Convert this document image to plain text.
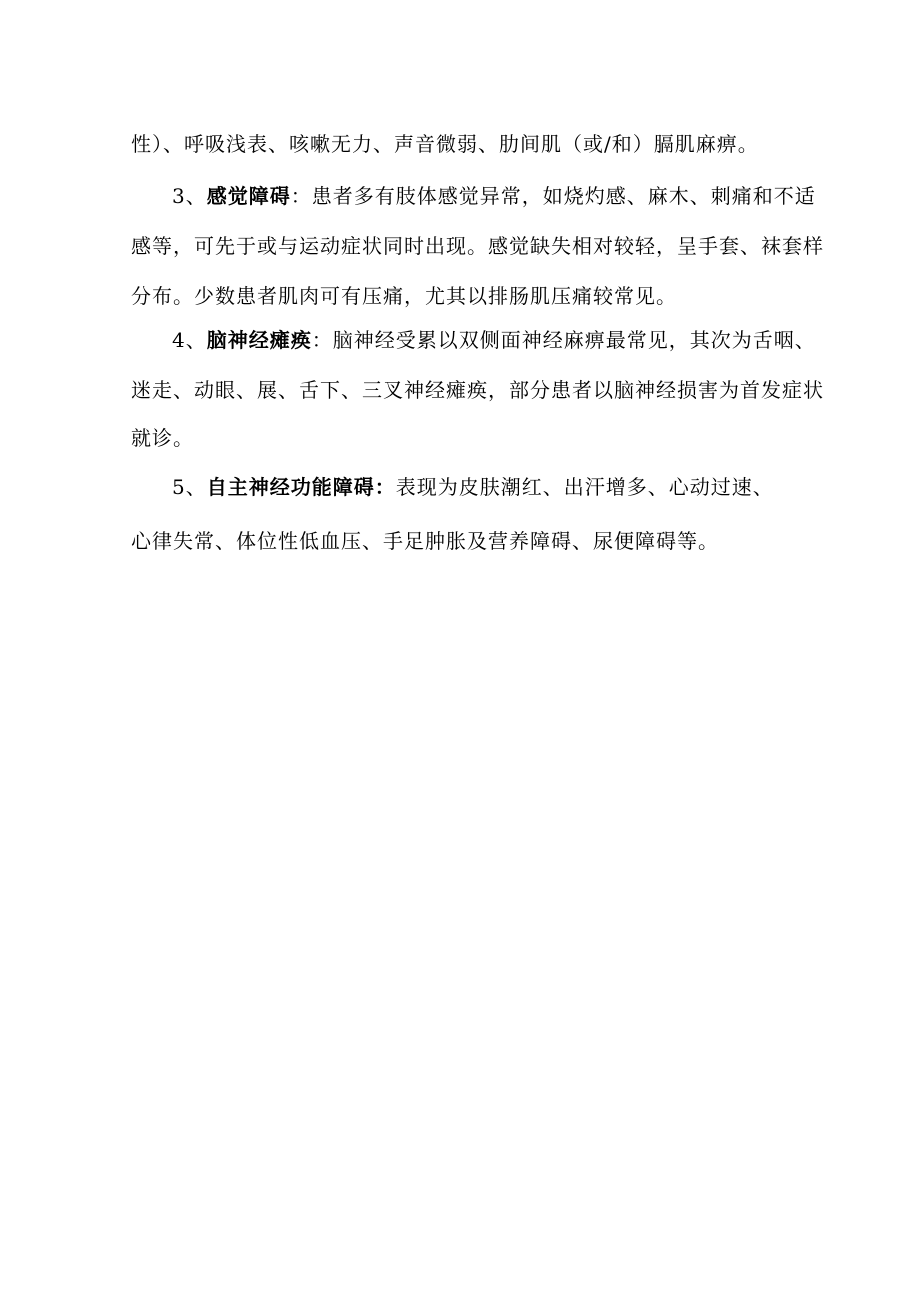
性）、呼吸浅表、咳嗽无力、声音微弱、肋间肌（或/和）膈肌麻痹。
3、感觉障碍：患者多有肢体感觉异常，如烧灼感、麻木、刺痛和不适
感等，可先于或与运动症状同时出现。感觉缺失相对较轻，呈手套、袜套样
分布。少数患者肌肉可有压痛，尤其以排肠肌压痛较常见。
4、脑神经瘫痪：脑神经受累以双侧面神经麻痹最常见，其次为舌咽、
迷走、动眼、展、舌下、三叉神经瘫痪，部分患者以脑神经损害为首发症状
就诊。
5、自主神经功能障碍：表现为皮肤潮红、出汗增多、心动过速、
心律失常、体位性低血压、手足肿胀及营养障碍、尿便障碍等。
